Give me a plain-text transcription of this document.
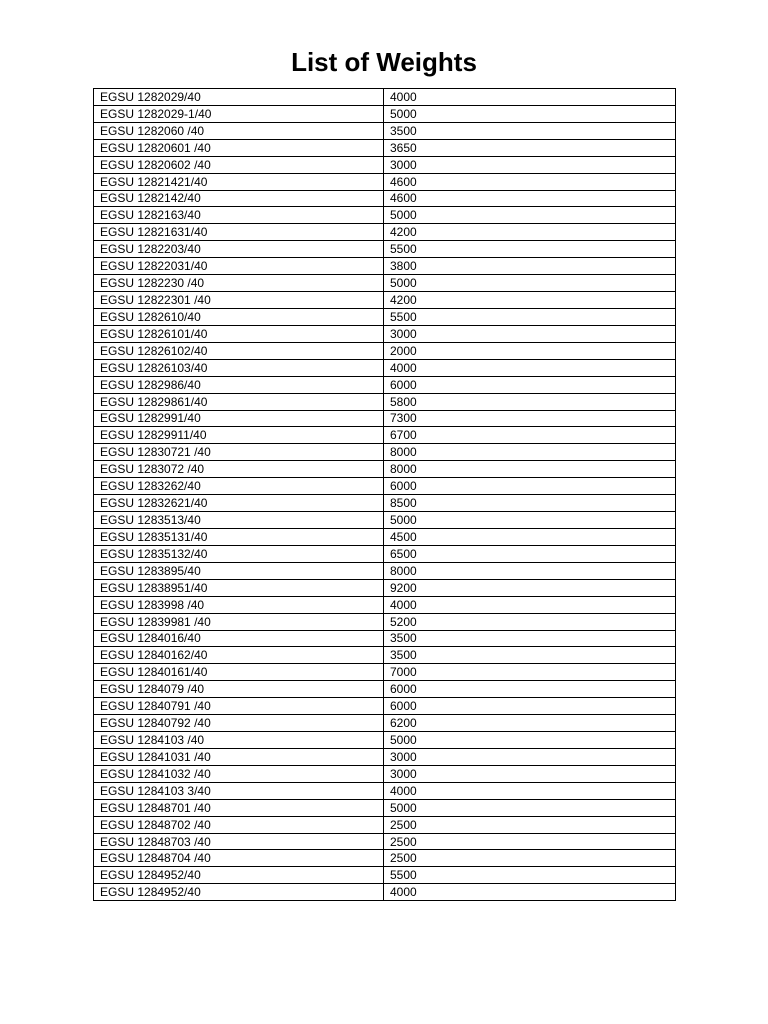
List of Weights
EGSU 1282029/40	4000
EGSU 1282029-1/40	5000
EGSU 1282060 /40	3500
EGSU 12820601 /40	3650
EGSU 12820602 /40	3000
EGSU 12821421/40	4600
EGSU 1282142/40	4600
EGSU 1282163/40	5000
EGSU 12821631/40	4200
EGSU 1282203/40	5500
EGSU 12822031/40	3800
EGSU 1282230 /40	5000
EGSU 12822301 /40	4200
EGSU 1282610/40	5500
EGSU 12826101/40	3000
EGSU 12826102/40	2000
EGSU 12826103/40	4000
EGSU 1282986/40	6000
EGSU 12829861/40	5800
EGSU 1282991/40	7300
EGSU 12829911/40	6700
EGSU 12830721 /40	8000
EGSU 1283072 /40	8000
EGSU 1283262/40	6000
EGSU 12832621/40	8500
EGSU 1283513/40	5000
EGSU 12835131/40	4500
EGSU 12835132/40	6500
EGSU 1283895/40	8000
EGSU 12838951/40	9200
EGSU 1283998 /40	4000
EGSU 12839981 /40	5200
EGSU 1284016/40	3500
EGSU 12840162/40	3500
EGSU 12840161/40	7000
EGSU 1284079 /40	6000
EGSU 12840791 /40	6000
EGSU 12840792 /40	6200
EGSU 1284103 /40	5000
EGSU 12841031 /40	3000
EGSU 12841032 /40	3000
EGSU 1284103 3/40	4000
EGSU 12848701 /40	5000
EGSU 12848702 /40	2500
EGSU 12848703 /40	2500
EGSU 12848704 /40	2500
EGSU 1284952/40	5500
EGSU 1284952/40	4000
